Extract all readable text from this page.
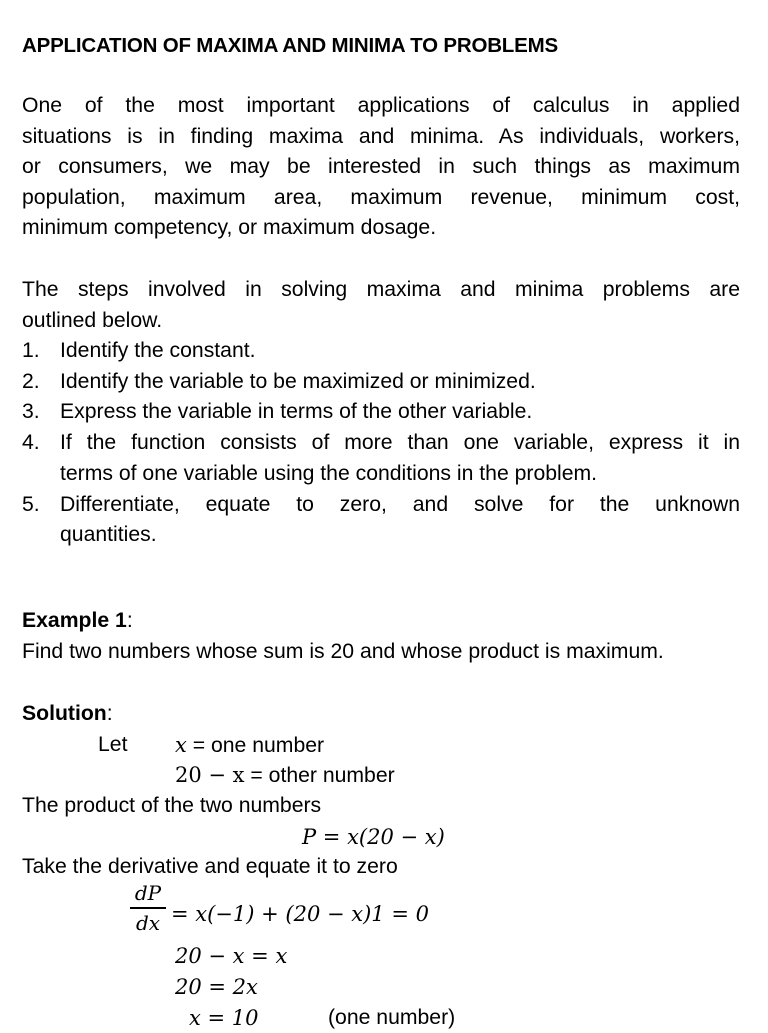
APPLICATION OF MAXIMA AND MINIMA TO PROBLEMS
One of the most important applications of calculus in applied
situations is in finding maxima and minima. As individuals, workers,
or consumers, we may be interested in such things as maximum
population, maximum area, maximum revenue, minimum cost,
minimum competency, or maximum dosage.
The steps involved in solving maxima and minima problems are
outlined below.
1. Identify the constant.
2. Identify the variable to be maximized or minimized.
3. Express the variable in terms of the other variable.
4. If the function consists of more than one variable, express it in
terms of one variable using the conditions in the problem.
5. Differentiate, equate to zero, and solve for the unknown
quantities.
Example 1:
Find two numbers whose sum is 20 and whose product is maximum.
Solution:
Let x = one number
20 − x = other number
The product of the two numbers
P = x(20 − x)
Take the derivative and equate it to zero
dP
dx = x(−1) + (20 − x)1 = 0
20 − x = x
20 = 2x
x = 10	(one number)
